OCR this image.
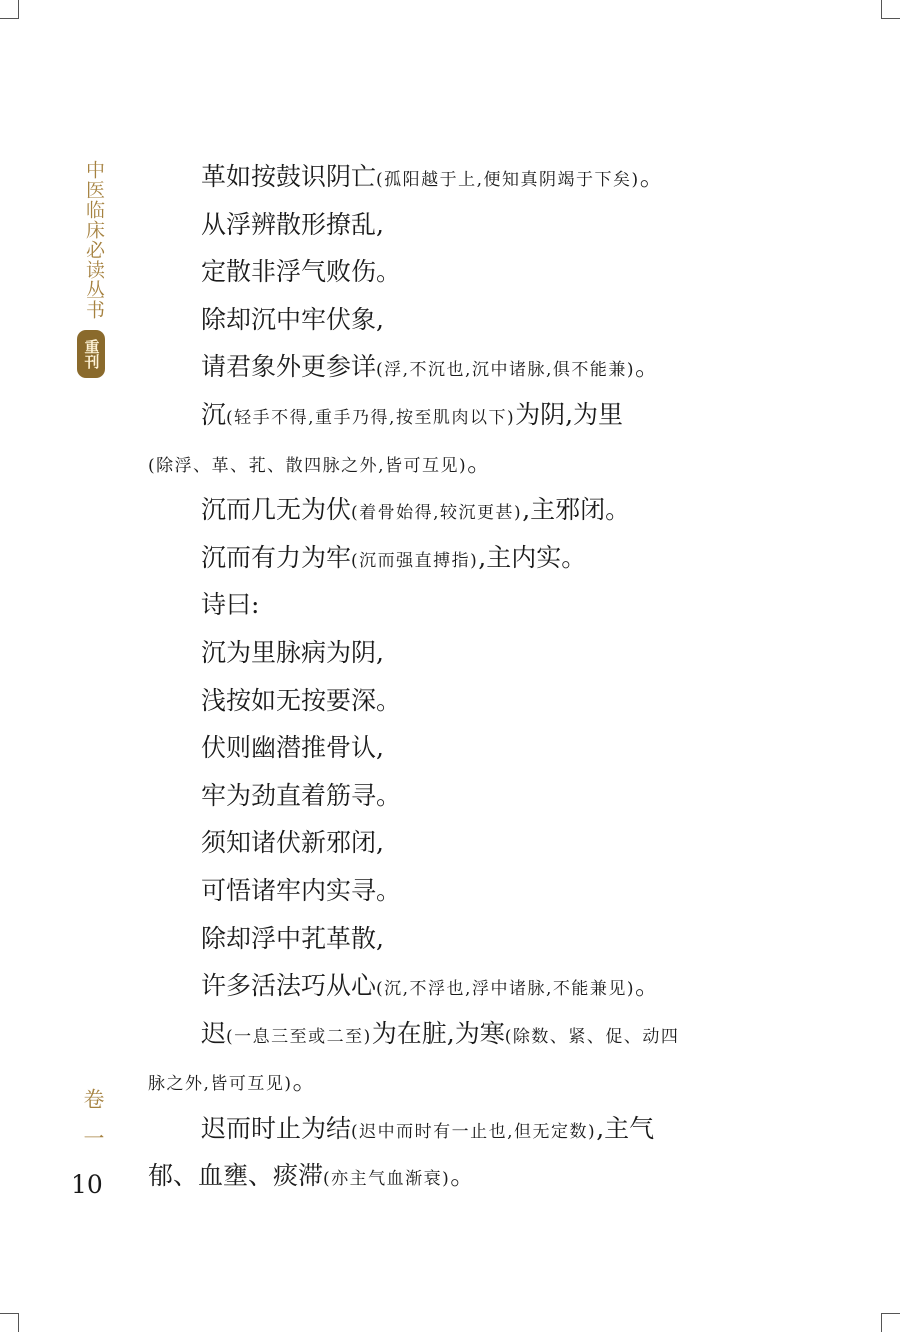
中医临床必读丛书
重刊
卷一
10
革如按鼓识阴亡(孤阳越于上,便知真阴竭于下矣)。
从浮辨散形撩乱,
定散非浮气败伤。
除却沉中牢伏象,
请君象外更参详(浮,不沉也,沉中诸脉,俱不能兼)。
沉(轻手不得,重手乃得,按至肌肉以下)为阴,为里
(除浮、革、芤、散四脉之外,皆可互见)。
沉而几无为伏(着骨始得,较沉更甚),主邪闭。
沉而有力为牢(沉而强直搏指),主内实。
诗曰:
沉为里脉病为阴,
浅按如无按要深。
伏则幽潜推骨认,
牢为劲直着筋寻。
须知诸伏新邪闭,
可悟诸牢内实寻。
除却浮中芤革散,
许多活法巧从心(沉,不浮也,浮中诸脉,不能兼见)。
迟(一息三至或二至)为在脏,为寒(除数、紧、促、动四
脉之外,皆可互见)。
迟而时止为结(迟中而时有一止也,但无定数),主气
郁、血壅、痰滞(亦主气血渐衰)。
